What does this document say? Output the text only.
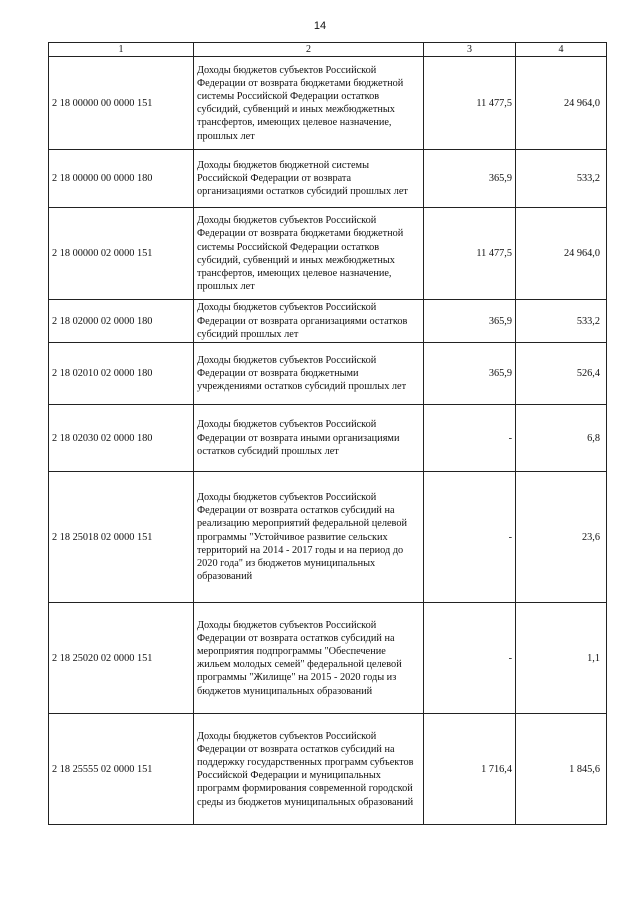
14
1	2	3	4
2 18 00000 00 0000 151	Доходы бюджетов субъектов Российской Федерации от возврата бюджетами бюджетной системы Российской Федерации остатков субсидий, субвенций и иных межбюджетных трансфертов, имеющих целевое назначение, прошлых лет	11 477,5	24 964,0
2 18 00000 00 0000 180	Доходы бюджетов бюджетной системы Российской Федерации от возврата организациями остатков субсидий прошлых лет	365,9	533,2
2 18 00000 02 0000 151	Доходы бюджетов субъектов Российской Федерации от возврата бюджетами бюджетной системы Российской Федерации остатков субсидий, субвенций и иных межбюджетных трансфертов, имеющих целевое назначение, прошлых лет	11 477,5	24 964,0
2 18 02000 02 0000 180	Доходы бюджетов субъектов Российской Федерации от возврата организациями остатков субсидий прошлых лет	365,9	533,2
2 18 02010 02 0000 180	Доходы бюджетов субъектов Российской Федерации от возврата бюджетными учреждениями остатков субсидий прошлых лет	365,9	526,4
2 18 02030 02 0000 180	Доходы бюджетов субъектов Российской Федерации от возврата иными организациями остатков субсидий прошлых лет	-	6,8
2 18 25018 02 0000 151	Доходы бюджетов субъектов Российской Федерации от возврата остатков субсидий на реализацию мероприятий федеральной целевой программы "Устойчивое развитие сельских территорий на 2014 - 2017 годы и на период до 2020 года" из бюджетов муниципальных образований	-	23,6
2 18 25020 02 0000 151	Доходы бюджетов субъектов Российской Федерации от возврата остатков субсидий на мероприятия подпрограммы "Обеспечение жильем молодых семей" федеральной целевой программы "Жилище" на 2015 - 2020 годы из бюджетов муниципальных образований	-	1,1
2 18 25555 02 0000 151	Доходы бюджетов субъектов Российской Федерации от возврата остатков субсидий на поддержку государственных программ субъектов Российской Федерации и муниципальных программ формирования современной городской среды из бюджетов муниципальных образований	1 716,4	1 845,6
